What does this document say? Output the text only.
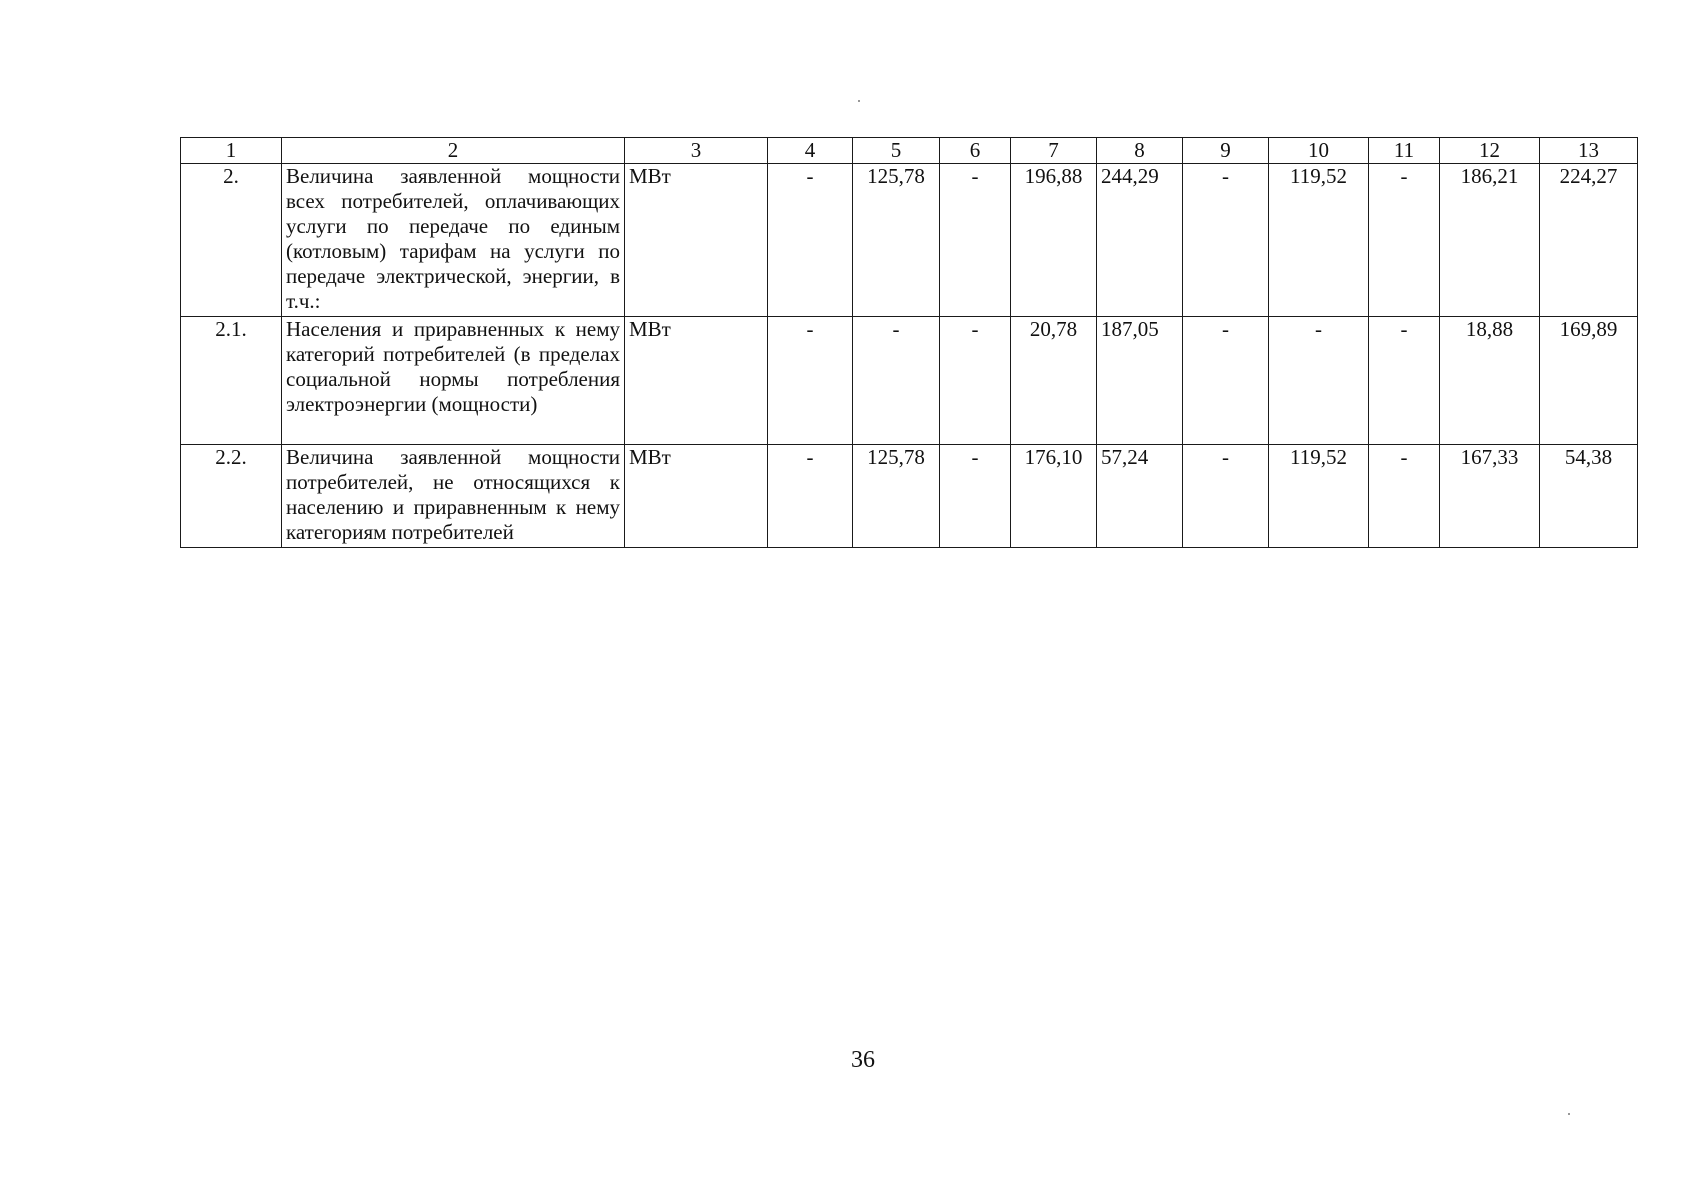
1	2	3	4	5	6	7	8	9	10	11	12	13
2.	Величина заявленной мощности всех потребителей, оплачивающих услуги по передаче по единым (котловым) тарифам на услуги по передаче электрической, энергии, в т.ч.:	МВт	-	125,78	-	196,88	244,29	-	119,52	-	186,21	224,27
2.1.	Населения и приравненных к нему категорий потребителей (в пределах социальной нормы потребления электроэнергии (мощности)	МВт	-	-	-	20,78	187,05	-	-	-	18,88	169,89
2.2.	Величина заявленной мощности потребителей, не относящихся к населению и приравненным к нему категориям потребителей	МВт	-	125,78	-	176,10	57,24	-	119,52	-	167,33	54,38
36
